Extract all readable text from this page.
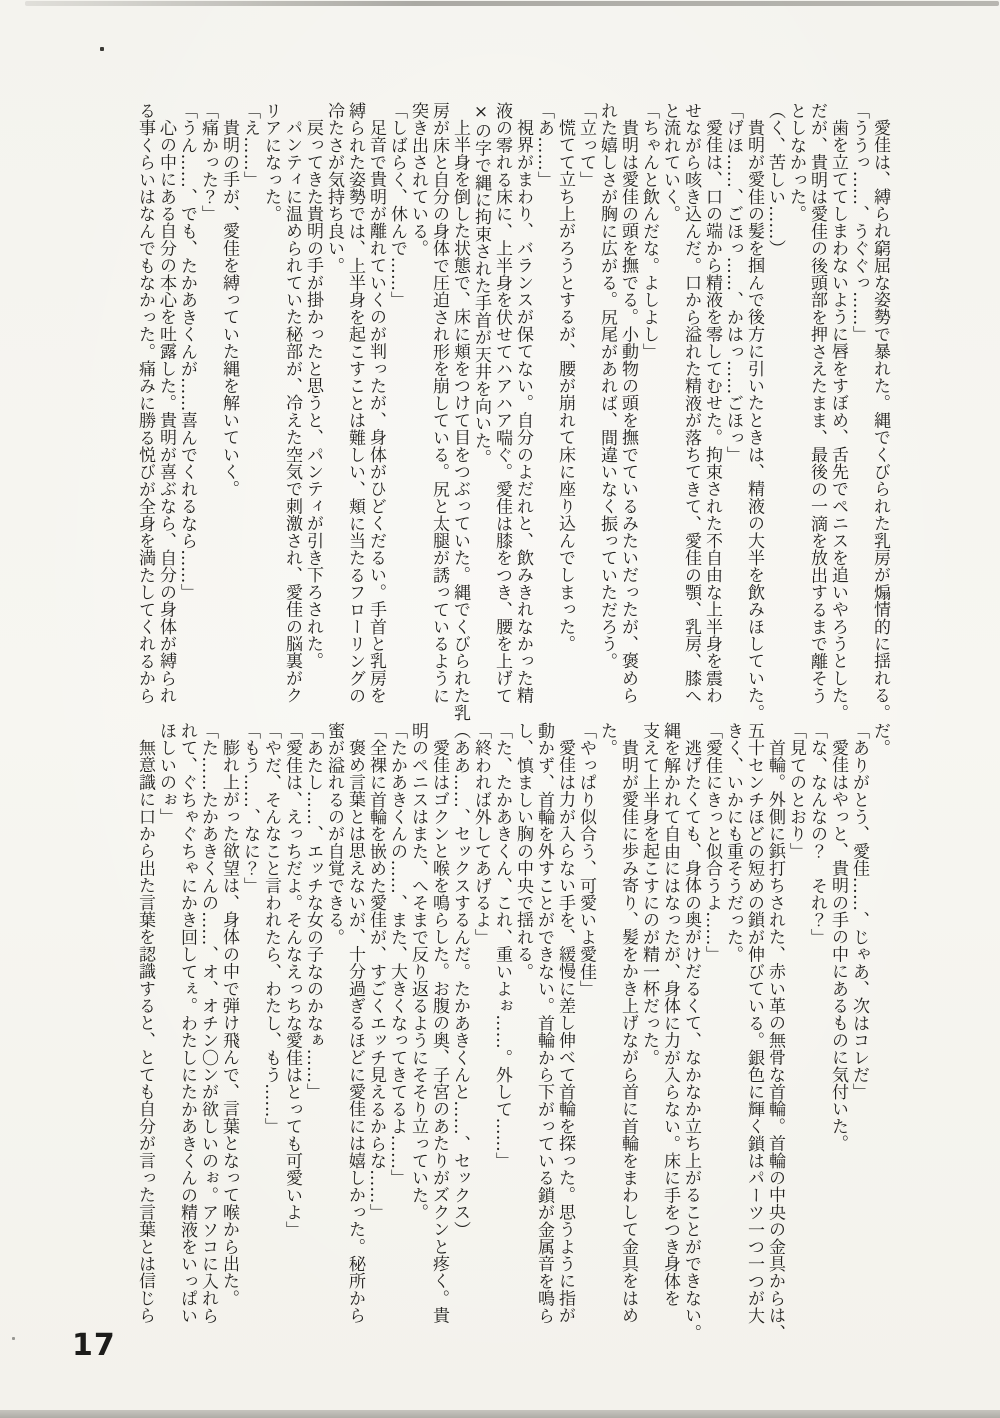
愛佳は、縛られ窮屈な姿勢で暴れた。縄でくびられた乳房が煽情的に揺れる。
「ううっ……、うぐぐっ……」
歯を立ててしまわないように唇をすぼめ、舌先でペニスを追いやろうとした。
だが、貴明は愛佳の後頭部を押さえたまま、最後の一滴を放出するまで離そう
としなかった。
（く、苦しい……）
貴明が愛佳の髪を掴んで後方に引いたときは、精液の大半を飲みほしていた。
「げほ……、ごほっ……、かはっ……ごほっ」
愛佳は、口の端から精液を零してむせた。拘束された不自由な上半身を震わ
せながら咳き込んだ。口から溢れた精液が落ちてきて、愛佳の顎、乳房、膝へ
と流れていく。
「ちゃんと飲んだな。よしよし」
貴明は愛佳の頭を撫でる。小動物の頭を撫でているみたいだったが、褒めら
れた嬉しさが胸に広がる。尻尾があれば、間違いなく振っていただろう。
「立って」
慌てて立ち上がろうとするが、腰が崩れて床に座り込んでしまった。
「あ……」
視界がまわり、バランスが保てない。自分のよだれと、飲みきれなかった精
液の零れる床に、上半身を伏せてハアハア喘ぐ。愛佳は膝をつき、腰を上げて
×の字で縄に拘束された手首が天井を向いた。
上半身を倒した状態で、床に頬をつけて目をつぶっていた。縄でくびられた乳
房が床と自分の身体で圧迫され形を崩している。尻と太腿が誘っているように
突き出されている。
「しばらく、休んで……」
足音で貴明が離れていくのが判ったが、身体がひどくだるい。手首と乳房を
縛られた姿勢では、上半身を起こすことは難しい、頬に当たるフローリングの
冷たさが気持ち良い。
戻ってきた貴明の手が掛かったと思うと、パンティが引き下ろされた。
パンティに温められていた秘部が、冷えた空気で刺激され、愛佳の脳裏がク
リアになった。
「え……」
貴明の手が、愛佳を縛っていた縄を解いていく。
「痛かった？」
「うん……、でも、たかあきくんが……喜んでくれるなら……」
心の中にある自分の本心を吐露した。貴明が喜ぶなら、自分の身体が縛られ
る事くらいはなんでもなかった。痛みに勝る悦びが全身を満たしてくれるから
だ。
「ありがとう、愛佳……、じゃあ、次はコレだ」
愛佳はやっと、貴明の手の中にあるものに気付いた。
「な、なんなの？　それ？」
「見てのとおり」
首輪。外側に鋲打ちされた、赤い革の無骨な首輪。首輪の中央の金具からは、
五十センチほどの短めの鎖が伸びている。銀色に輝く鎖はパーツ一つ一つが大
きく、いかにも重そうだった。
「愛佳にきっと似合うよ……」
逃げたくても、身体の奥がけだるくて、なかなか立ち上がることができない。
縄を解かれて自由にはなったが、身体に力が入らない。床に手をつき身体を
支えて上半身を起こすにのが精一杯だった。
貴明が愛佳に歩み寄り、髪をかき上げながら首に首輪をまわして金具をはめ
た。
「やっぱり似合う、可愛いよ愛佳」
愛佳は力が入らない手を、緩慢に差し伸べて首輪を探った。思うように指が
動かず、首輪を外すことができない。首輪から下がっている鎖が金属音を鳴ら
し、慎ましい胸の中央で揺れる。
「た、たかあきくん、これ、重いよぉ……。外して……」
「終われば外してあげるよ」
（ああ……、セックスするんだ。たかあきくんと……、セックス）
愛佳はゴクンと喉を鳴らした。お腹の奥、子宮のあたりがズクンと疼く。貴
明のペニスはまた、へそまで反り返るようにそそり立っていた。
「たかあきくんの……、また、大きくなってきてるよ……」
「全裸に首輪を嵌めた愛佳が、すごくエッチ見えるからな……」
褒め言葉とは思えないが、十分過ぎるほどに愛佳には嬉しかった。秘所から
蜜が溢れるのが自覚できる。
「あたし……、エッチな女の子なのかなぁ……」
「愛佳は、えっちだよ。そんなえっちな愛佳はとっても可愛いよ」
「やだ、そんなこと言われたら、わたし、もう……」
「もう……、なに？」
膨れ上がった欲望は、身体の中で弾け飛んで、言葉となって喉から出た。
「た……たかあきくんの……、オ、オチン〇ンが欲しいのぉ。アソコに入れら
れて、ぐちゃぐちゃにかき回してぇ。わたしにたかあきくんの精液をいっぱい
ほしいのぉ」
無意識に口から出た言葉を認識すると、とても自分が言った言葉とは信じら
17
